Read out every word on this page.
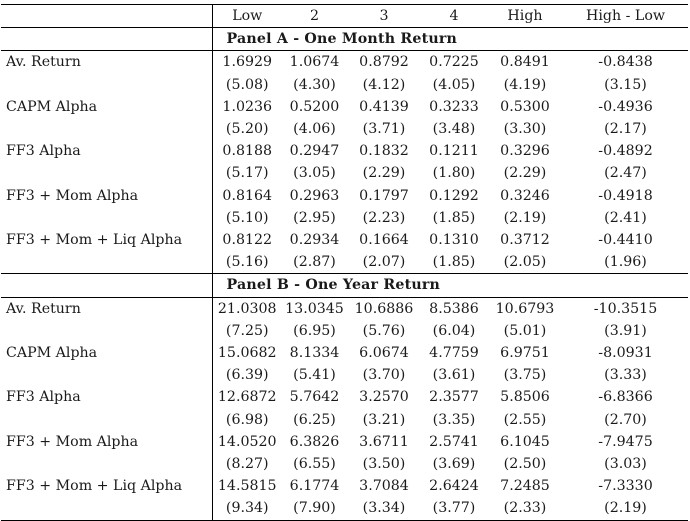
	Low	2	3	4	High	High - Low
	Panel A - One Month Return					
Av. Return	1.6929	1.0674	0.8792	0.7225	0.8491	-0.8438
	(5.08)	(4.30)	(4.12)	(4.05)	(4.19)	(3.15)
CAPM Alpha	1.0236	0.5200	0.4139	0.3233	0.5300	-0.4936
	(5.20)	(4.06)	(3.71)	(3.48)	(3.30)	(2.17)
FF3 Alpha	0.8188	0.2947	0.1832	0.1211	0.3296	-0.4892
	(5.17)	(3.05)	(2.29)	(1.80)	(2.29)	(2.47)
FF3 + Mom Alpha	0.8164	0.2963	0.1797	0.1292	0.3246	-0.4918
	(5.10)	(2.95)	(2.23)	(1.85)	(2.19)	(2.41)
FF3 + Mom + Liq Alpha	0.8122	0.2934	0.1664	0.1310	0.3712	-0.4410
	(5.16)	(2.87)	(2.07)	(1.85)	(2.05)	(1.96)
	Panel B - One Year Return					
Av. Return	21.0308	13.0345	10.6886	8.5386	10.6793	-10.3515
	(7.25)	(6.95)	(5.76)	(6.04)	(5.01)	(3.91)
CAPM Alpha	15.0682	8.1334	6.0674	4.7759	6.9751	-8.0931
	(6.39)	(5.41)	(3.70)	(3.61)	(3.75)	(3.33)
FF3 Alpha	12.6872	5.7642	3.2570	2.3577	5.8506	-6.8366
	(6.98)	(6.25)	(3.21)	(3.35)	(2.55)	(2.70)
FF3 + Mom Alpha	14.0520	6.3826	3.6711	2.5741	6.1045	-7.9475
	(8.27)	(6.55)	(3.50)	(3.69)	(2.50)	(3.03)
FF3 + Mom + Liq Alpha	14.5815	6.1774	3.7084	2.6424	7.2485	-7.3330
	(9.34)	(7.90)	(3.34)	(3.77)	(2.33)	(2.19)
